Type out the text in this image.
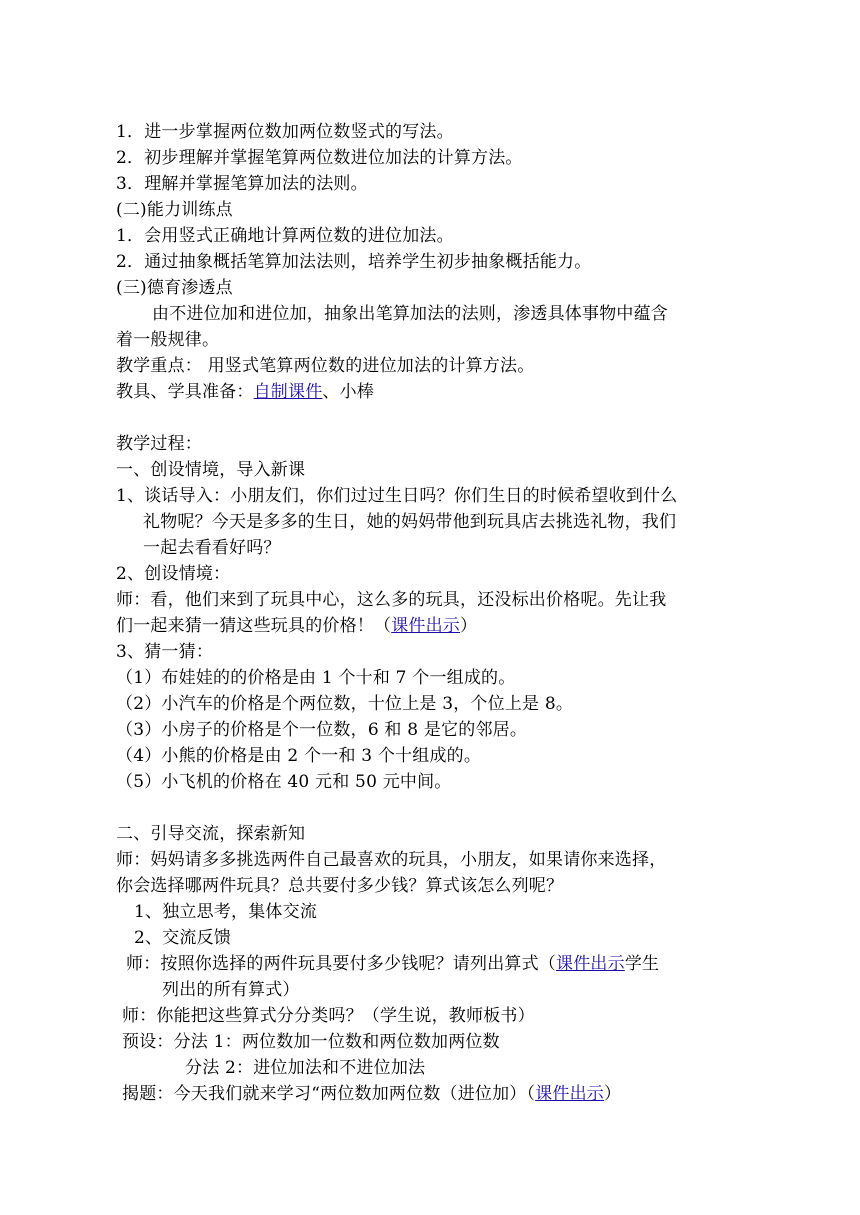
1．进一步掌握两位数加两位数竖式的写法。
2．初步理解并掌握笔算两位数进位加法的计算方法。
3．理解并掌握笔算加法的法则。
(二)能力训练点
1．会用竖式正确地计算两位数的进位加法。
2．通过抽象概括笔算加法法则，培养学生初步抽象概括能力。
(三)德育渗透点
由不进位加和进位加，抽象出笔算加法的法则，渗透具体事物中蕴含
着一般规律。
教学重点： 用竖式笔算两位数的进位加法的计算方法。
教具、学具准备：自制课件、小棒
教学过程：
一、创设情境，导入新课
1、谈话导入：小朋友们，你们过过生日吗？你们生日的时候希望收到什么
礼物呢？今天是多多的生日，她的妈妈带他到玩具店去挑选礼物，我们
一起去看看好吗？
2、创设情境：
师：看，他们来到了玩具中心，这么多的玩具，还没标出价格呢。先让我
们一起来猜一猜这些玩具的价格！（课件出示）
3、猜一猜：
（1）布娃娃的的价格是由 1 个十和 7 个一组成的。
（2）小汽车的价格是个两位数，十位上是 3，个位上是 8。
（3）小房子的价格是个一位数，6 和 8 是它的邻居。
（4）小熊的价格是由 2 个一和 3 个十组成的。
（5）小飞机的价格在 40 元和 50 元中间。
二、引导交流，探索新知
师：妈妈请多多挑选两件自己最喜欢的玩具，小朋友，如果请你来选择，
你会选择哪两件玩具？总共要付多少钱？算式该怎么列呢？
1、独立思考，集体交流
2、交流反馈
师：按照你选择的两件玩具要付多少钱呢？请列出算式（课件出示学生
列出的所有算式）
师：你能把这些算式分分类吗？（学生说，教师板书）
预设：分法 1：两位数加一位数和两位数加两位数
分法 2：进位加法和不进位加法
揭题：今天我们就来学习“两位数加两位数（进位加）（课件出示）
